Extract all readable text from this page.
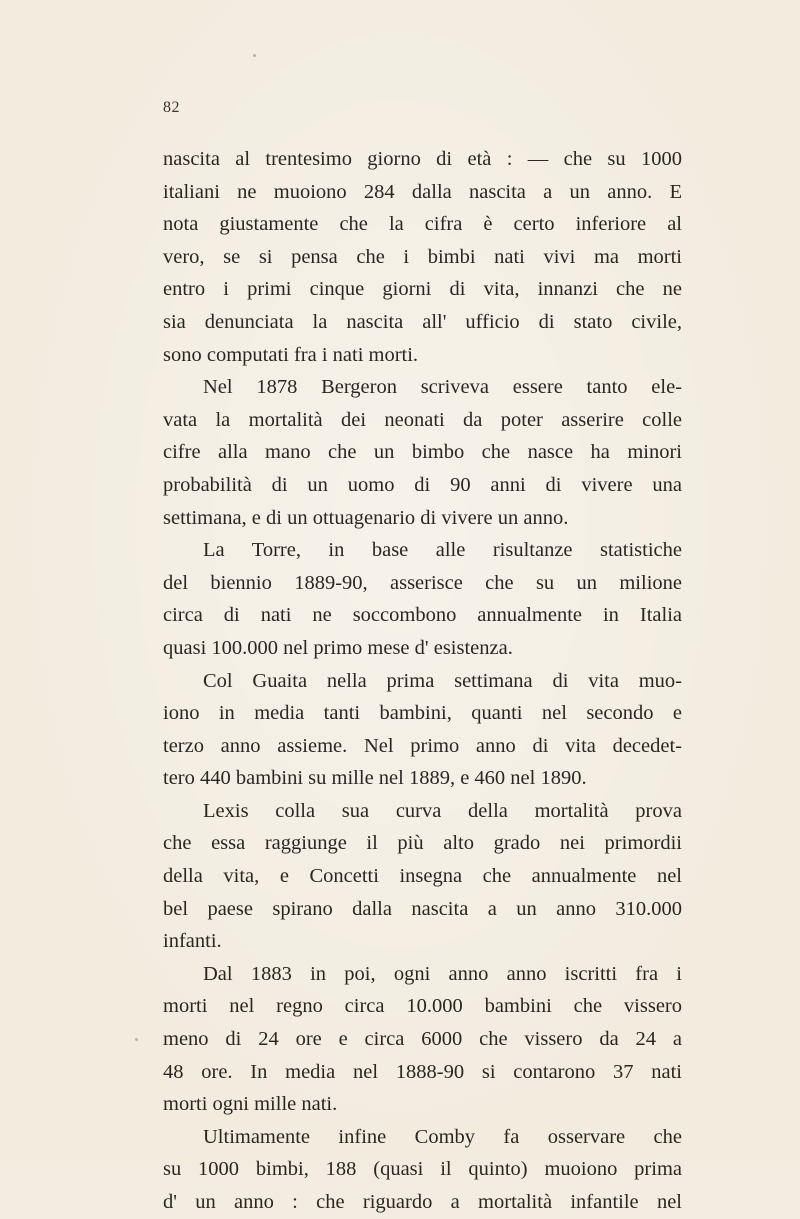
82
nascita al trentesimo giorno di età : — che su 1000
italiani ne muoiono 284 dalla nascita a un anno. E
nota giustamente che la cifra è certo inferiore al
vero, se si pensa che i bimbi nati vivi ma morti
entro i primi cinque giorni di vita, innanzi che ne
sia denunciata la nascita all' ufficio di stato civile,
sono computati fra i nati morti.
Nel 1878 Bergeron scriveva essere tanto ele-
vata la mortalità dei neonati da poter asserire colle
cifre alla mano che un bimbo che nasce ha minori
probabilità di un uomo di 90 anni di vivere una
settimana, e di un ottuagenario di vivere un anno.
La Torre, in base alle risultanze statistiche
del biennio 1889-90, asserisce che su un milione
circa di nati ne soccombono annualmente in Italia
quasi 100.000 nel primo mese d' esistenza.
Col Guaita nella prima settimana di vita muo-
iono in media tanti bambini, quanti nel secondo e
terzo anno assieme. Nel primo anno di vita decedet-
tero 440 bambini su mille nel 1889, e 460 nel 1890.
Lexis colla sua curva della mortalità prova
che essa raggiunge il più alto grado nei primordii
della vita, e Concetti insegna che annualmente nel
bel paese spirano dalla nascita a un anno 310.000
infanti.
Dal 1883 in poi, ogni anno anno iscritti fra i
morti nel regno circa 10.000 bambini che vissero
meno di 24 ore e circa 6000 che vissero da 24 a
48 ore. In media nel 1888-90 si contarono 37 nati
morti ogni mille nati.
Ultimamente infine Comby fa osservare che
su 1000 bimbi, 188 (quasi il quinto) muoiono prima
d' un anno : che riguardo a mortalità infantile nel
